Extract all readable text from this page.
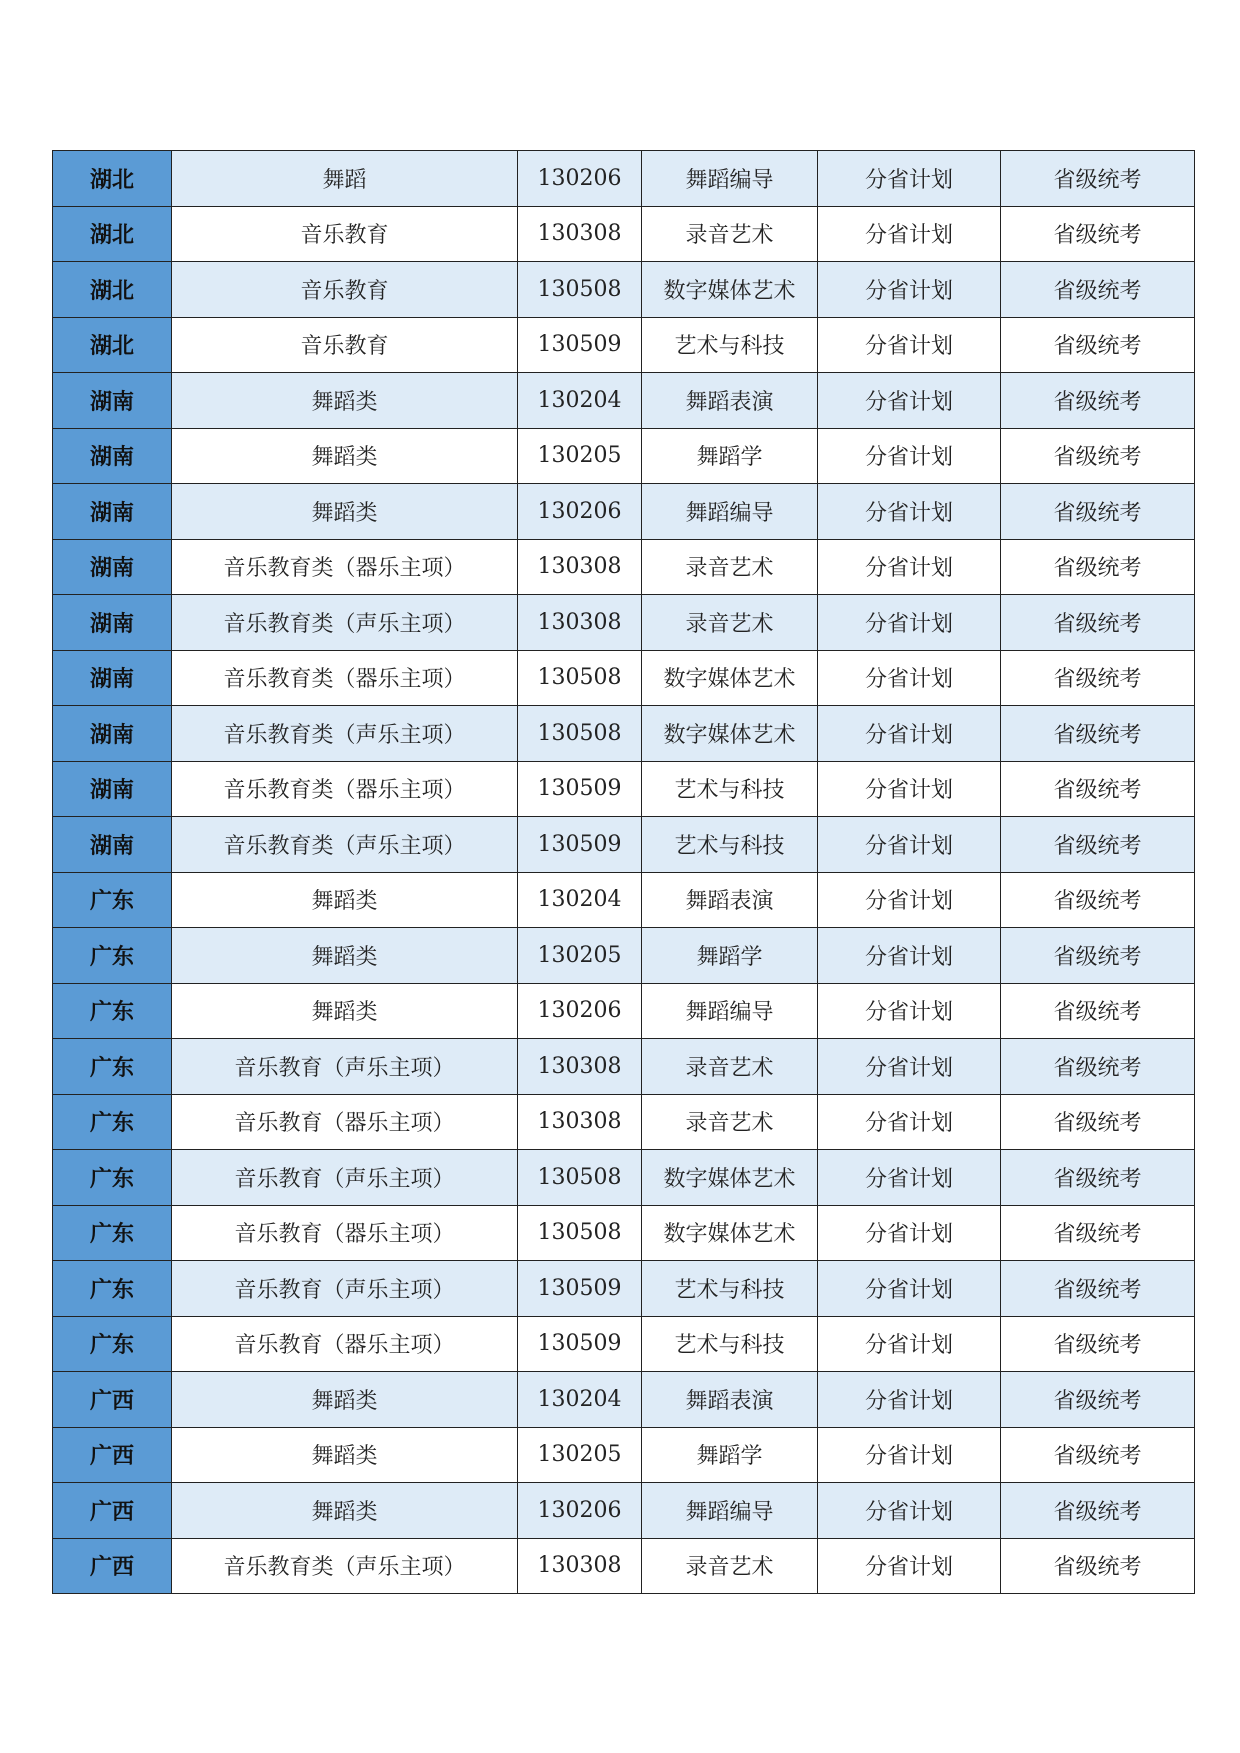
湖北	舞蹈	130206	舞蹈编导	分省计划	省级统考
湖北	音乐教育	130308	录音艺术	分省计划	省级统考
湖北	音乐教育	130508	数字媒体艺术	分省计划	省级统考
湖北	音乐教育	130509	艺术与科技	分省计划	省级统考
湖南	舞蹈类	130204	舞蹈表演	分省计划	省级统考
湖南	舞蹈类	130205	舞蹈学	分省计划	省级统考
湖南	舞蹈类	130206	舞蹈编导	分省计划	省级统考
湖南	音乐教育类（器乐主项）	130308	录音艺术	分省计划	省级统考
湖南	音乐教育类（声乐主项）	130308	录音艺术	分省计划	省级统考
湖南	音乐教育类（器乐主项）	130508	数字媒体艺术	分省计划	省级统考
湖南	音乐教育类（声乐主项）	130508	数字媒体艺术	分省计划	省级统考
湖南	音乐教育类（器乐主项）	130509	艺术与科技	分省计划	省级统考
湖南	音乐教育类（声乐主项）	130509	艺术与科技	分省计划	省级统考
广东	舞蹈类	130204	舞蹈表演	分省计划	省级统考
广东	舞蹈类	130205	舞蹈学	分省计划	省级统考
广东	舞蹈类	130206	舞蹈编导	分省计划	省级统考
广东	音乐教育（声乐主项）	130308	录音艺术	分省计划	省级统考
广东	音乐教育（器乐主项）	130308	录音艺术	分省计划	省级统考
广东	音乐教育（声乐主项）	130508	数字媒体艺术	分省计划	省级统考
广东	音乐教育（器乐主项）	130508	数字媒体艺术	分省计划	省级统考
广东	音乐教育（声乐主项）	130509	艺术与科技	分省计划	省级统考
广东	音乐教育（器乐主项）	130509	艺术与科技	分省计划	省级统考
广西	舞蹈类	130204	舞蹈表演	分省计划	省级统考
广西	舞蹈类	130205	舞蹈学	分省计划	省级统考
广西	舞蹈类	130206	舞蹈编导	分省计划	省级统考
广西	音乐教育类（声乐主项）	130308	录音艺术	分省计划	省级统考
